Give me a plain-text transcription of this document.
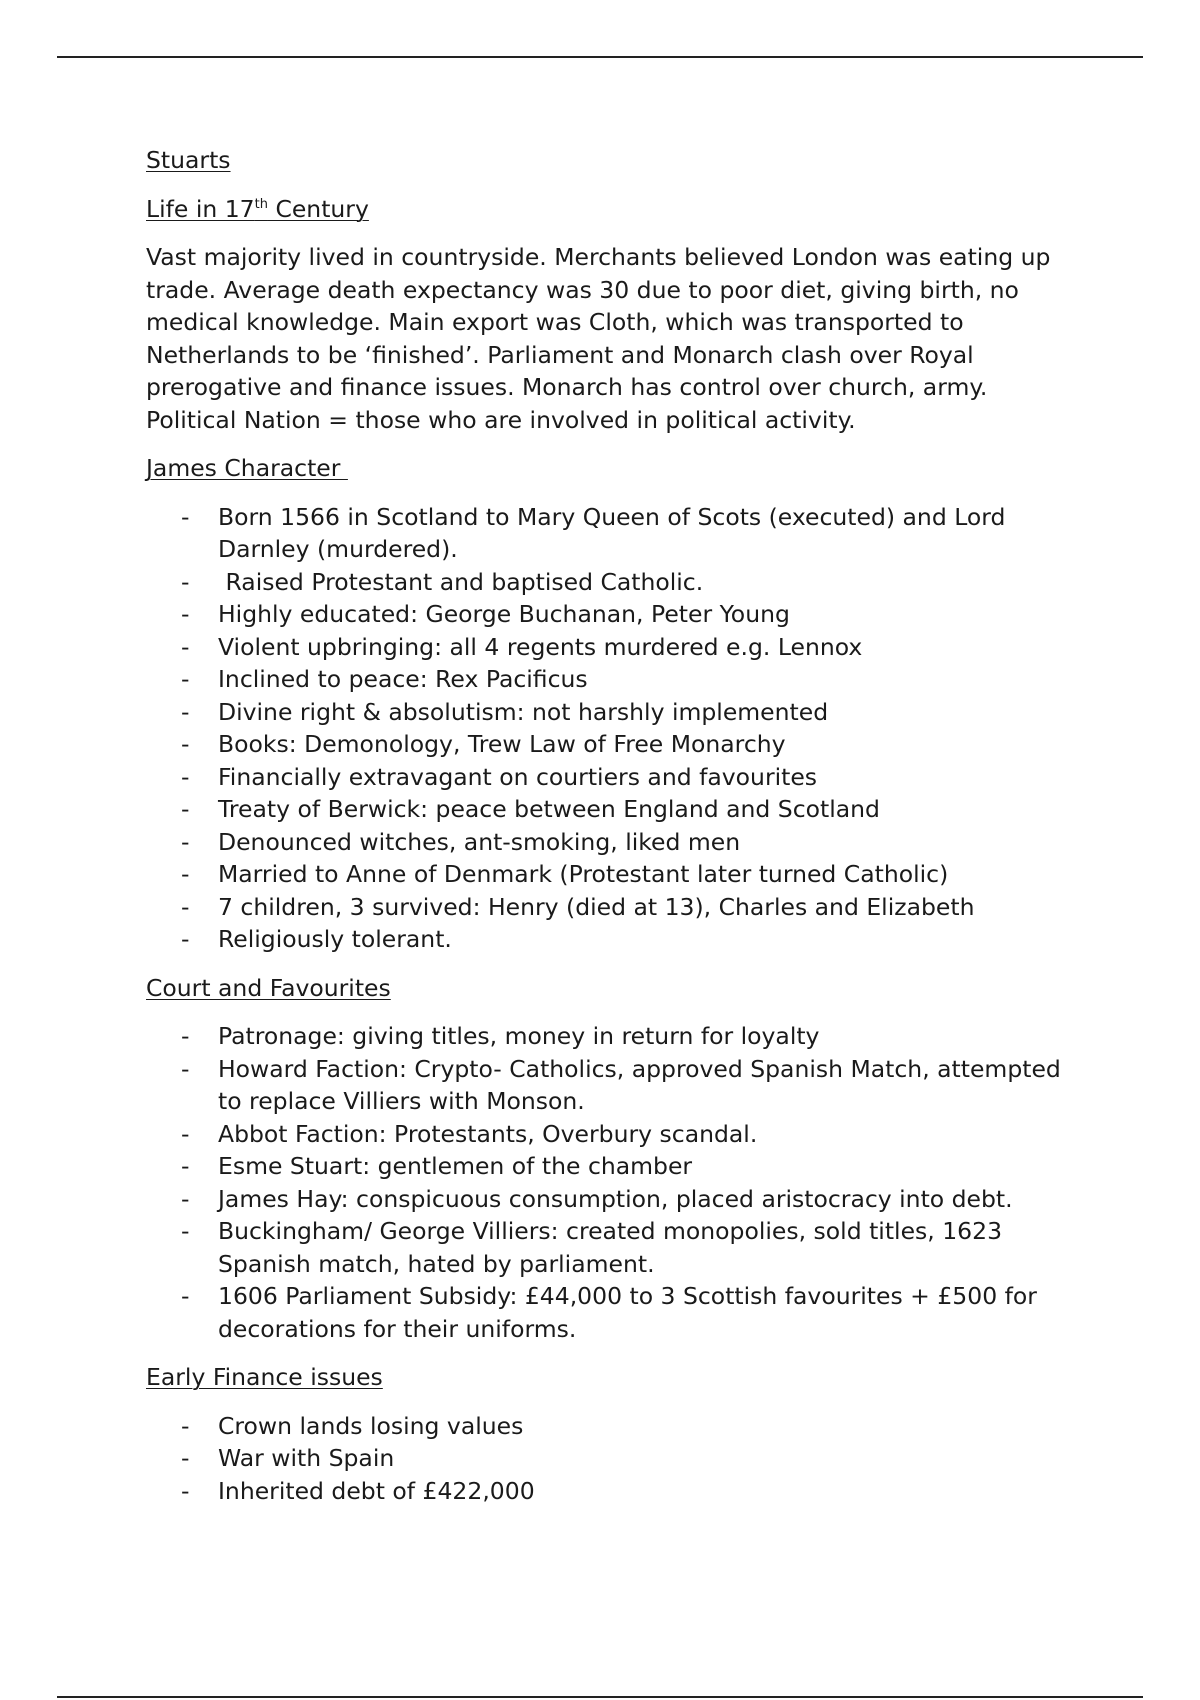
Stuarts

Life in 17th Century

Vast majority lived in countryside. Merchants believed London was eating up trade. Average death expectancy was 30 due to poor diet, giving birth, no medical knowledge. Main export was Cloth, which was transported to Netherlands to be ‘finished’. Parliament and Monarch clash over Royal prerogative and finance issues. Monarch has control over church, army. Political Nation = those who are involved in political activity.

James Character

- Born 1566 in Scotland to Mary Queen of Scots (executed) and Lord Darnley (murdered).
- Raised Protestant and baptised Catholic.
- Highly educated: George Buchanan, Peter Young
- Violent upbringing: all 4 regents murdered e.g. Lennox
- Inclined to peace: Rex Pacificus
- Divine right & absolutism: not harshly implemented
- Books: Demonology, Trew Law of Free Monarchy
- Financially extravagant on courtiers and favourites
- Treaty of Berwick: peace between England and Scotland
- Denounced witches, ant-smoking, liked men
- Married to Anne of Denmark (Protestant later turned Catholic)
- 7 children, 3 survived: Henry (died at 13), Charles and Elizabeth
- Religiously tolerant.

Court and Favourites

- Patronage: giving titles, money in return for loyalty
- Howard Faction: Crypto- Catholics, approved Spanish Match, attempted to replace Villiers with Monson.
- Abbot Faction: Protestants, Overbury scandal.
- Esme Stuart: gentlemen of the chamber
- James Hay: conspicuous consumption, placed aristocracy into debt.
- Buckingham/ George Villiers: created monopolies, sold titles, 1623 Spanish match, hated by parliament.
- 1606 Parliament Subsidy: £44,000 to 3 Scottish favourites + £500 for decorations for their uniforms.

Early Finance issues

- Crown lands losing values
- War with Spain
- Inherited debt of £422,000
